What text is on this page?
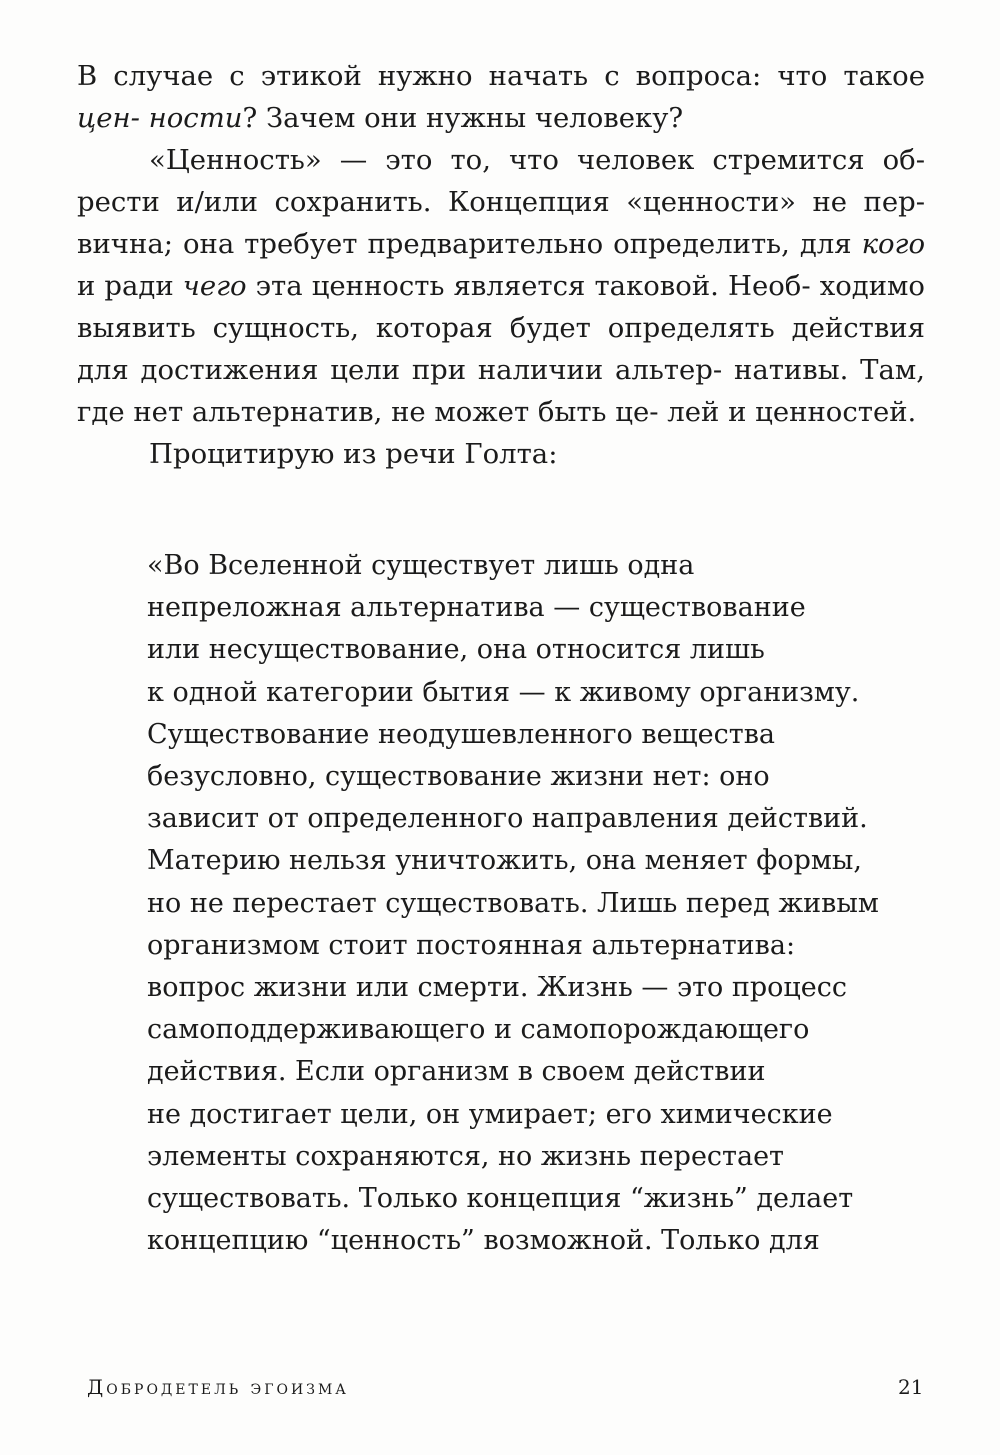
В случае с этикой нужно начать с вопроса: что такое цен- ности? Зачем они нужны человеку?

«Ценность» — это то, что человек стремится об- рести и/или сохранить. Концепция «ценности» не пер- вична; она требует предварительно определить, для кого и ради чего эта ценность является таковой. Необ- ходимо выявить сущность, которая будет определять действия для достижения цели при наличии альтер- нативы. Там, где нет альтернатив, не может быть це- лей и ценностей.

Процитирую из речи Голта:

«Во Вселенной существует лишь одна
непреложная альтернатива — существование
или несуществование, она относится лишь
к одной категории бытия — к живому организму.
Существование неодушевленного вещества
безусловно, существование жизни нет: оно
зависит от определенного направления действий.
Материю нельзя уничтожить, она меняет формы,
но не перестает существовать. Лишь перед живым
организмом стоит постоянная альтернатива:
вопрос жизни или смерти. Жизнь — это процесс
самоподдерживающего и самопорождающего
действия. Если организм в своем действии
не достигает цели, он умирает; его химические
элементы сохраняются, но жизнь перестает
существовать. Только концепция “жизнь” делает
концепцию “ценность” возможной. Только для
Добродетель эгоизма	21
